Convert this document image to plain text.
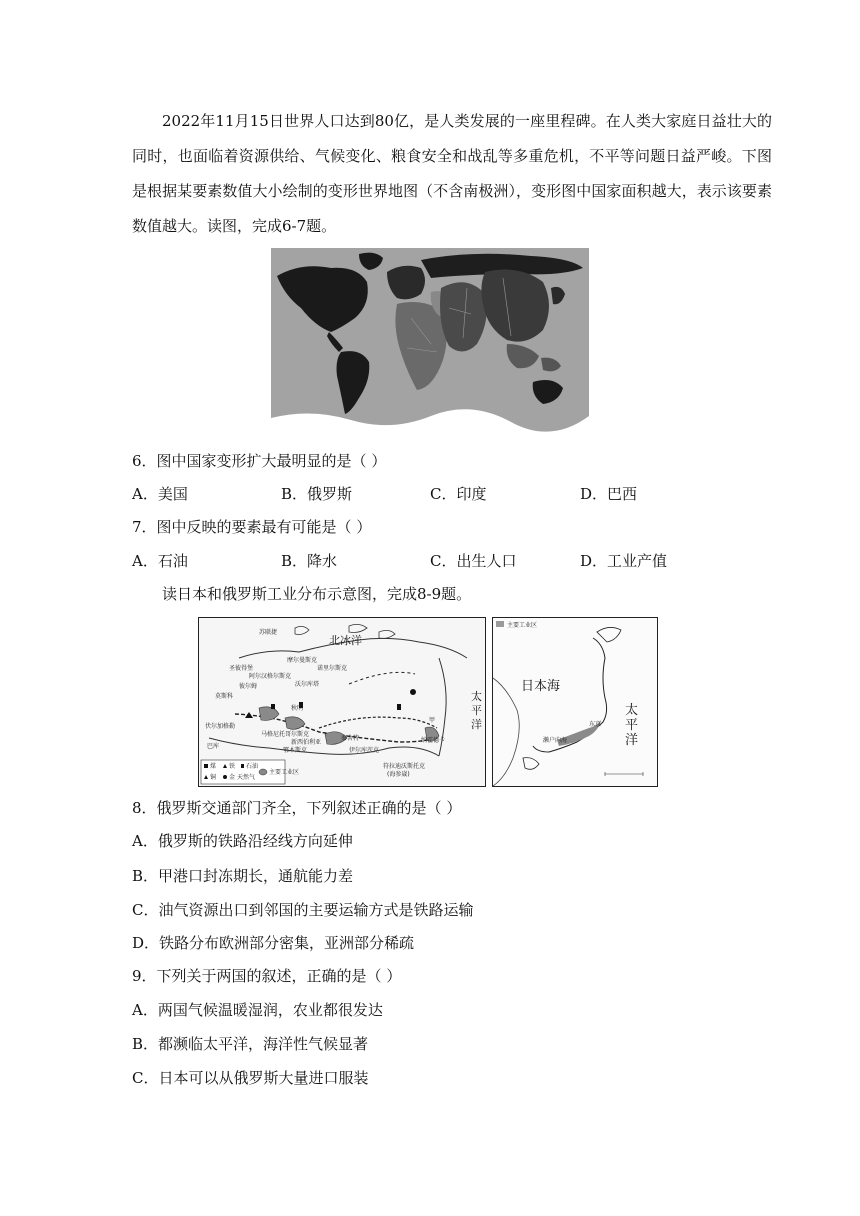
2022年11月15日世界人口达到80亿，是人类发展的一座里程碑。在人类大家庭日益壮大的同时，也面临着资源供给、气候变化、粮食安全和战乱等多重危机，不平等问题日益严峻。下图是根据某要素数值大小绘制的变形世界地图（不含南极洲），变形图中国家面积越大，表示该要素数值越大。读图，完成6-7题。

6．图中国家变形扩大最明显的是（ ）
A．美国	B．俄罗斯	C．印度	D．巴西
7．图中反映的要素最有可能是（ ）
A．石油	B．降水	C．出生人口	D．工业产值
读日本和俄罗斯工业分布示意图，完成8-9题。
北冰洋
太
平
洋
摩尔曼斯克
圣彼得堡
阿尔汉格尔斯克
沃尔库塔
诺里尔斯克
莫斯科
伏尔加格勒
巴库
马格尼托哥尔斯克
秋明
新西伯利亚
鄂木斯克
秦舍特
伊尔库茨克
符拉迪沃斯托克
(海参崴)
纳霍德卡
彼尔姆
甲
苏联捷
煤 铁 石油
铜 金 天然气
主要工业区
主要工业区
日本海
太
平
洋
东京
濑户内海
8．俄罗斯交通部门齐全，下列叙述正确的是（ ）
A．俄罗斯的铁路沿经线方向延伸
B．甲港口封冻期长，通航能力差
C．油气资源出口到邻国的主要运输方式是铁路运输
D．铁路分布欧洲部分密集，亚洲部分稀疏
9．下列关于两国的叙述，正确的是（ ）
A．两国气候温暖湿润，农业都很发达
B．都濒临太平洋，海洋性气候显著
C．日本可以从俄罗斯大量进口服装
